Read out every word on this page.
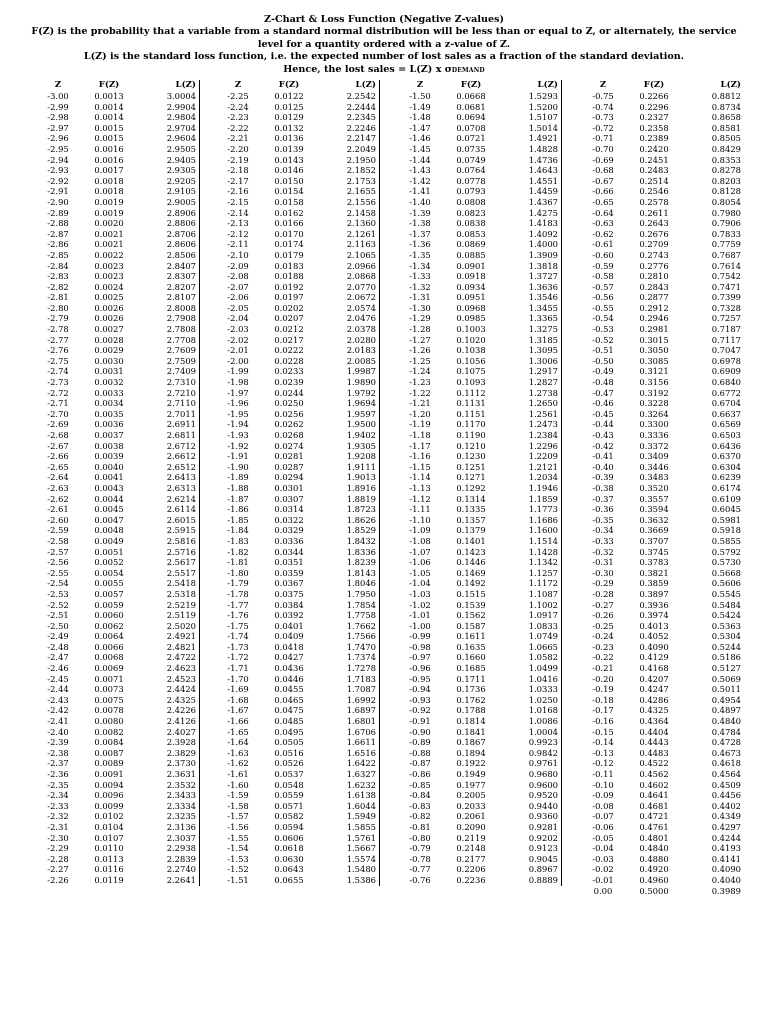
Z-Chart & Loss Function (Negative Z-values)
F(Z) is the probability that a variable from a standard normal distribution will be less than or equal to Z, or alternately, the service level for a quantity ordered with a z-value of Z.
L(Z) is the standard loss function, i.e. the expected number of lost sales as a fraction of the standard deviation.
Hence, the lost sales = L(Z) x σDEMAND
Z	F(Z)	L(Z)
-3.00	0.0013	3.0004
-2.99	0.0014	2.9904
-2.98	0.0014	2.9804
-2.97	0.0015	2.9704
-2.96	0.0015	2.9604
-2.95	0.0016	2.9505
-2.94	0.0016	2.9405
-2.93	0.0017	2.9305
-2.92	0.0018	2.9205
-2.91	0.0018	2.9105
-2.90	0.0019	2.9005
-2.89	0.0019	2.8906
-2.88	0.0020	2.8806
-2.87	0.0021	2.8706
-2.86	0.0021	2.8606
-2.85	0.0022	2.8506
-2.84	0.0023	2.8407
-2.83	0.0023	2.8307
-2.82	0.0024	2.8207
-2.81	0.0025	2.8107
-2.80	0.0026	2.8008
-2.79	0.0026	2.7908
-2.78	0.0027	2.7808
-2.77	0.0028	2.7708
-2.76	0.0029	2.7609
-2.75	0.0030	2.7509
-2.74	0.0031	2.7409
-2.73	0.0032	2.7310
-2.72	0.0033	2.7210
-2.71	0.0034	2.7110
-2.70	0.0035	2.7011
-2.69	0.0036	2.6911
-2.68	0.0037	2.6811
-2.67	0.0038	2.6712
-2.66	0.0039	2.6612
-2.65	0.0040	2.6512
-2.64	0.0041	2.6413
-2.63	0.0043	2.6313
-2.62	0.0044	2.6214
-2.61	0.0045	2.6114
-2.60	0.0047	2.6015
-2.59	0.0048	2.5915
-2.58	0.0049	2.5816
-2.57	0.0051	2.5716
-2.56	0.0052	2.5617
-2.55	0.0054	2.5517
-2.54	0.0055	2.5418
-2.53	0.0057	2.5318
-2.52	0.0059	2.5219
-2.51	0.0060	2.5119
-2.50	0.0062	2.5020
-2.49	0.0064	2.4921
-2.48	0.0066	2.4821
-2.47	0.0068	2.4722
-2.46	0.0069	2.4623
-2.45	0.0071	2.4523
-2.44	0.0073	2.4424
-2.43	0.0075	2.4325
-2.42	0.0078	2.4226
-2.41	0.0080	2.4126
-2.40	0.0082	2.4027
-2.39	0.0084	2.3928
-2.38	0.0087	2.3829
-2.37	0.0089	2.3730
-2.36	0.0091	2.3631
-2.35	0.0094	2.3532
-2.34	0.0096	2.3433
-2.33	0.0099	2.3334
-2.32	0.0102	2.3235
-2.31	0.0104	2.3136
-2.30	0.0107	2.3037
-2.29	0.0110	2.2938
-2.28	0.0113	2.2839
-2.27	0.0116	2.2740
-2.26	0.0119	2.2641
Z	F(Z)	L(Z)
-2.25	0.0122	2.2542
-2.24	0.0125	2.2444
-2.23	0.0129	2.2345
-2.22	0.0132	2.2246
-2.21	0.0136	2.2147
-2.20	0.0139	2.2049
-2.19	0.0143	2.1950
-2.18	0.0146	2.1852
-2.17	0.0150	2.1753
-2.16	0.0154	2.1655
-2.15	0.0158	2.1556
-2.14	0.0162	2.1458
-2.13	0.0166	2.1360
-2.12	0.0170	2.1261
-2.11	0.0174	2.1163
-2.10	0.0179	2.1065
-2.09	0.0183	2.0966
-2.08	0.0188	2.0868
-2.07	0.0192	2.0770
-2.06	0.0197	2.0672
-2.05	0.0202	2.0574
-2.04	0.0207	2.0476
-2.03	0.0212	2.0378
-2.02	0.0217	2.0280
-2.01	0.0222	2.0183
-2.00	0.0228	2.0085
-1.99	0.0233	1.9987
-1.98	0.0239	1.9890
-1.97	0.0244	1.9792
-1.96	0.0250	1.9694
-1.95	0.0256	1.9597
-1.94	0.0262	1.9500
-1.93	0.0268	1.9402
-1.92	0.0274	1.9305
-1.91	0.0281	1.9208
-1.90	0.0287	1.9111
-1.89	0.0294	1.9013
-1.88	0.0301	1.8916
-1.87	0.0307	1.8819
-1.86	0.0314	1.8723
-1.85	0.0322	1.8626
-1.84	0.0329	1.8529
-1.83	0.0336	1.8432
-1.82	0.0344	1.8336
-1.81	0.0351	1.8239
-1.80	0.0359	1.8143
-1.79	0.0367	1.8046
-1.78	0.0375	1.7950
-1.77	0.0384	1.7854
-1.76	0.0392	1.7758
-1.75	0.0401	1.7662
-1.74	0.0409	1.7566
-1.73	0.0418	1.7470
-1.72	0.0427	1.7374
-1.71	0.0436	1.7278
-1.70	0.0446	1.7183
-1.69	0.0455	1.7087
-1.68	0.0465	1.6992
-1.67	0.0475	1.6897
-1.66	0.0485	1.6801
-1.65	0.0495	1.6706
-1.64	0.0505	1.6611
-1.63	0.0516	1.6516
-1.62	0.0526	1.6422
-1.61	0.0537	1.6327
-1.60	0.0548	1.6232
-1.59	0.0559	1.6138
-1.58	0.0571	1.6044
-1.57	0.0582	1.5949
-1.56	0.0594	1.5855
-1.55	0.0606	1.5761
-1.54	0.0618	1.5667
-1.53	0.0630	1.5574
-1.52	0.0643	1.5480
-1.51	0.0655	1.5386
Z	F(Z)	L(Z)
-1.50	0.0668	1.5293
-1.49	0.0681	1.5200
-1.48	0.0694	1.5107
-1.47	0.0708	1.5014
-1.46	0.0721	1.4921
-1.45	0.0735	1.4828
-1.44	0.0749	1.4736
-1.43	0.0764	1.4643
-1.42	0.0778	1.4551
-1.41	0.0793	1.4459
-1.40	0.0808	1.4367
-1.39	0.0823	1.4275
-1.38	0.0838	1.4183
-1.37	0.0853	1.4092
-1.36	0.0869	1.4000
-1.35	0.0885	1.3909
-1.34	0.0901	1.3818
-1.33	0.0918	1.3727
-1.32	0.0934	1.3636
-1.31	0.0951	1.3546
-1.30	0.0968	1.3455
-1.29	0.0985	1.3365
-1.28	0.1003	1.3275
-1.27	0.1020	1.3185
-1.26	0.1038	1.3095
-1.25	0.1056	1.3006
-1.24	0.1075	1.2917
-1.23	0.1093	1.2827
-1.22	0.1112	1.2738
-1.21	0.1131	1.2650
-1.20	0.1151	1.2561
-1.19	0.1170	1.2473
-1.18	0.1190	1.2384
-1.17	0.1210	1.2296
-1.16	0.1230	1.2209
-1.15	0.1251	1.2121
-1.14	0.1271	1.2034
-1.13	0.1292	1.1946
-1.12	0.1314	1.1859
-1.11	0.1335	1.1773
-1.10	0.1357	1.1686
-1.09	0.1379	1.1600
-1.08	0.1401	1.1514
-1.07	0.1423	1.1428
-1.06	0.1446	1.1342
-1.05	0.1469	1.1257
-1.04	0.1492	1.1172
-1.03	0.1515	1.1087
-1.02	0.1539	1.1002
-1.01	0.1562	1.0917
-1.00	0.1587	1.0833
-0.99	0.1611	1.0749
-0.98	0.1635	1.0665
-0.97	0.1660	1.0582
-0.96	0.1685	1.0499
-0.95	0.1711	1.0416
-0.94	0.1736	1.0333
-0.93	0.1762	1.0250
-0.92	0.1788	1.0168
-0.91	0.1814	1.0086
-0.90	0.1841	1.0004
-0.89	0.1867	0.9923
-0.88	0.1894	0.9842
-0.87	0.1922	0.9761
-0.86	0.1949	0.9680
-0.85	0.1977	0.9600
-0.84	0.2005	0.9520
-0.83	0.2033	0.9440
-0.82	0.2061	0.9360
-0.81	0.2090	0.9281
-0.80	0.2119	0.9202
-0.79	0.2148	0.9123
-0.78	0.2177	0.9045
-0.77	0.2206	0.8967
-0.76	0.2236	0.8889
Z	F(Z)	L(Z)
-0.75	0.2266	0.8812
-0.74	0.2296	0.8734
-0.73	0.2327	0.8658
-0.72	0.2358	0.8581
-0.71	0.2389	0.8505
-0.70	0.2420	0.8429
-0.69	0.2451	0.8353
-0.68	0.2483	0.8278
-0.67	0.2514	0.8203
-0.66	0.2546	0.8128
-0.65	0.2578	0.8054
-0.64	0.2611	0.7980
-0.63	0.2643	0.7906
-0.62	0.2676	0.7833
-0.61	0.2709	0.7759
-0.60	0.2743	0.7687
-0.59	0.2776	0.7614
-0.58	0.2810	0.7542
-0.57	0.2843	0.7471
-0.56	0.2877	0.7399
-0.55	0.2912	0.7328
-0.54	0.2946	0.7257
-0.53	0.2981	0.7187
-0.52	0.3015	0.7117
-0.51	0.3050	0.7047
-0.50	0.3085	0.6978
-0.49	0.3121	0.6909
-0.48	0.3156	0.6840
-0.47	0.3192	0.6772
-0.46	0.3228	0.6704
-0.45	0.3264	0.6637
-0.44	0.3300	0.6569
-0.43	0.3336	0.6503
-0.42	0.3372	0.6436
-0.41	0.3409	0.6370
-0.40	0.3446	0.6304
-0.39	0.3483	0.6239
-0.38	0.3520	0.6174
-0.37	0.3557	0.6109
-0.36	0.3594	0.6045
-0.35	0.3632	0.5981
-0.34	0.3669	0.5918
-0.33	0.3707	0.5855
-0.32	0.3745	0.5792
-0.31	0.3783	0.5730
-0.30	0.3821	0.5668
-0.29	0.3859	0.5606
-0.28	0.3897	0.5545
-0.27	0.3936	0.5484
-0.26	0.3974	0.5424
-0.25	0.4013	0.5363
-0.24	0.4052	0.5304
-0.23	0.4090	0.5244
-0.22	0.4129	0.5186
-0.21	0.4168	0.5127
-0.20	0.4207	0.5069
-0.19	0.4247	0.5011
-0.18	0.4286	0.4954
-0.17	0.4325	0.4897
-0.16	0.4364	0.4840
-0.15	0.4404	0.4784
-0.14	0.4443	0.4728
-0.13	0.4483	0.4673
-0.12	0.4522	0.4618
-0.11	0.4562	0.4564
-0.10	0.4602	0.4509
-0.09	0.4641	0.4456
-0.08	0.4681	0.4402
-0.07	0.4721	0.4349
-0.06	0.4761	0.4297
-0.05	0.4801	0.4244
-0.04	0.4840	0.4193
-0.03	0.4880	0.4141
-0.02	0.4920	0.4090
-0.01	0.4960	0.4040
0.00	0.5000	0.3989
